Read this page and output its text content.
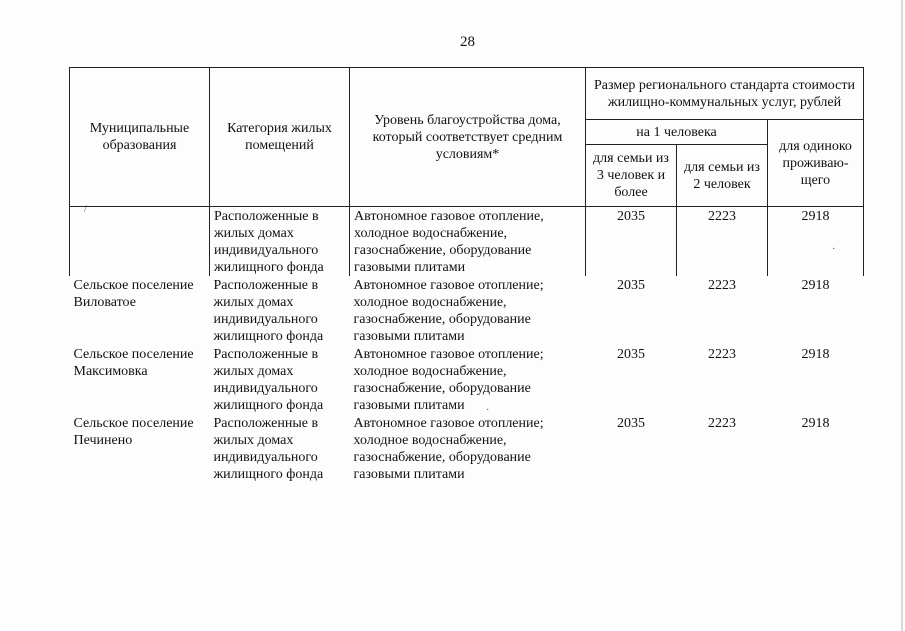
28
Муниципальные образования	Категория жилых помещений	Уровень благоустройства дома, который соответствует средним условиям*	Размер регионального стандарта стоимости жилищно-коммунальных услуг, рублей		
			на 1 человека		для одиноко проживаю-щего
			для семьи из 3 человек и более	для семьи из 2 человек	
	Расположенные в жилых домах индивидуального жилищного фонда	Автономное газовое отопление, холодное водоснабжение, газоснабжение, оборудование газовыми плитами	2035	2223	2918
Сельское поселение Виловатое	Расположенные в жилых домах индивидуального жилищного фонда	Автономное газовое отопление; холодное водоснабжение, газоснабжение, оборудование газовыми плитами	2035	2223	2918
Сельское поселение Максимовка	Расположенные в жилых домах индивидуального жилищного фонда	Автономное газовое отопление; холодное водоснабжение, газоснабжение, оборудование газовыми плитами	2035	2223	2918
Сельское поселение Печинено	Расположенные в жилых домах индивидуального жилищного фонда	Автономное газовое отопление; холодное водоснабжение, газоснабжение, оборудование газовыми плитами	2035	2223	2918
/
·
·
